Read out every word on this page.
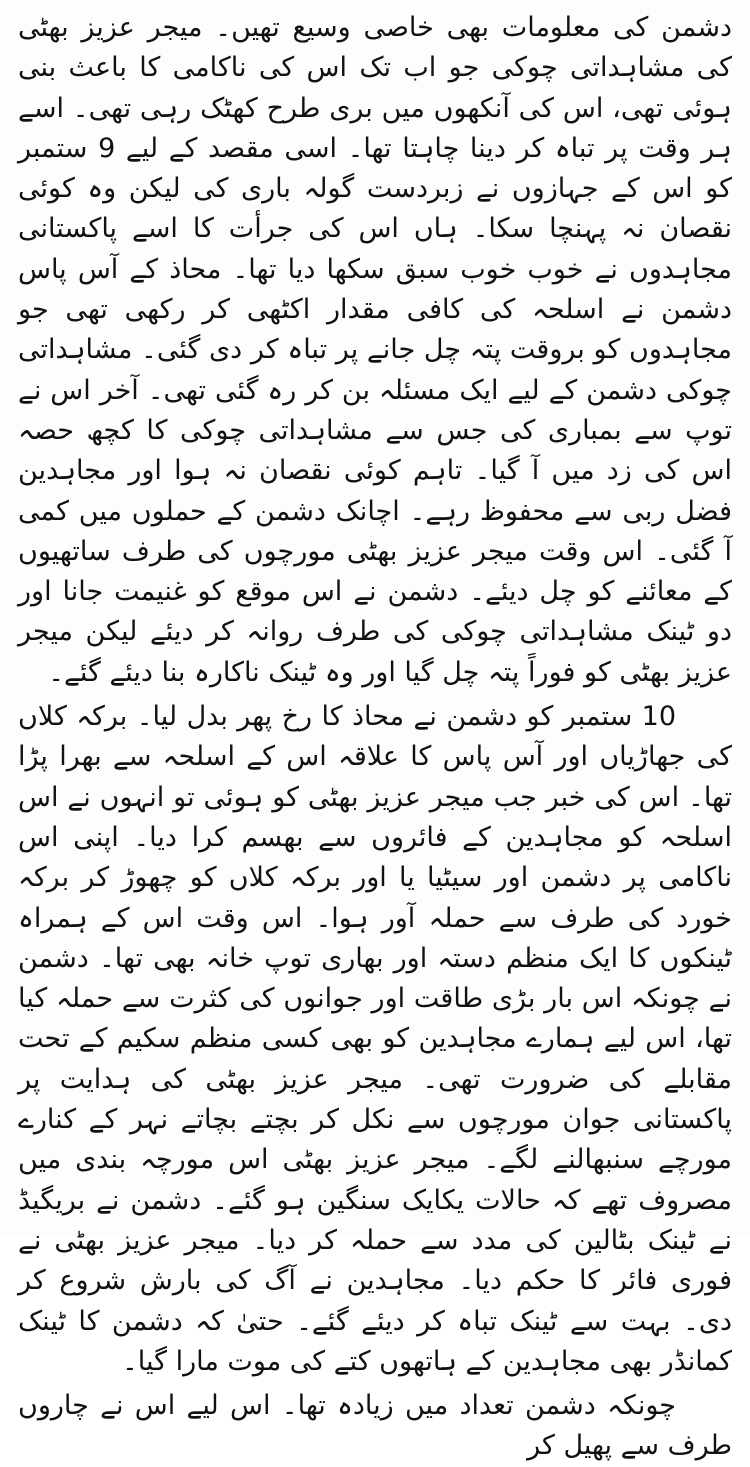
دشمن کی معلومات بھی خاصی وسیع تھیں۔ میجر عزیز بھٹی کی مشاہداتی چوکی جو اب تک اس کی ناکامی کا باعث بنی ہوئی تھی، اس کی آنکھوں میں بری طرح کھٹک رہی تھی۔ اسے ہر وقت پر تباہ کر دینا چاہتا تھا۔ اسی مقصد کے لیے 9 ستمبر کو اس کے جہازوں نے زبردست گولہ باری کی لیکن وہ کوئی نقصان نہ پہنچا سکا۔ ہاں اس کی جرأت کا اسے پاکستانی مجاہدوں نے خوب خوب سبق سکھا دیا تھا۔ محاذ کے آس پاس دشمن نے اسلحہ کی کافی مقدار اکٹھی کر رکھی تھی جو مجاہدوں کو بروقت پتہ چل جانے پر تباہ کر دی گئی۔ مشاہداتی چوکی دشمن کے لیے ایک مسئلہ بن کر رہ گئی تھی۔ آخر اس نے توپ سے بمباری کی جس سے مشاہداتی چوکی کا کچھ حصہ اس کی زد میں آ گیا۔ تاہم کوئی نقصان نہ ہوا اور مجاہدین فضل ربی سے محفوظ رہے۔ اچانک دشمن کے حملوں میں کمی آ گئی۔ اس وقت میجر عزیز بھٹی مورچوں کی طرف ساتھیوں کے معائنے کو چل دیئے۔ دشمن نے اس موقع کو غنیمت جانا اور دو ٹینک مشاہداتی چوکی کی طرف روانہ کر دیئے لیکن میجر عزیز بھٹی کو فوراً پتہ چل گیا اور وہ ٹینک ناکارہ بنا دیئے گئے۔

10 ستمبر کو دشمن نے محاذ کا رخ پھر بدل لیا۔ برکہ کلاں کی جھاڑیاں اور آس پاس کا علاقہ اس کے اسلحہ سے بھرا پڑا تھا۔ اس کی خبر جب میجر عزیز بھٹی کو ہوئی تو انہوں نے اس اسلحہ کو مجاہدین کے فائروں سے بھسم کرا دیا۔ اپنی اس ناکامی پر دشمن اور سیٹیا یا اور برکہ کلاں کو چھوڑ کر برکہ خورد کی طرف سے حملہ آور ہوا۔ اس وقت اس کے ہمراہ ٹینکوں کا ایک منظم دستہ اور بھاری توپ خانہ بھی تھا۔ دشمن نے چونکہ اس بار بڑی طاقت اور جوانوں کی کثرت سے حملہ کیا تھا، اس لیے ہمارے مجاہدین کو بھی کسی منظم سکیم کے تحت مقابلے کی ضرورت تھی۔ میجر عزیز بھٹی کی ہدایت پر پاکستانی جوان مورچوں سے نکل کر بچتے بچاتے نہر کے کنارے مورچے سنبھالنے لگے۔ میجر عزیز بھٹی اس مورچہ بندی میں مصروف تھے کہ حالات یکایک سنگین ہو گئے۔ دشمن نے بریگیڈ نے ٹینک بٹالین کی مدد سے حملہ کر دیا۔ میجر عزیز بھٹی نے فوری فائر کا حکم دیا۔ مجاہدین نے آگ کی بارش شروع کر دی۔ بہت سے ٹینک تباہ کر دیئے گئے۔ حتیٰ کہ دشمن کا ٹینک کمانڈر بھی مجاہدین کے ہاتھوں کتے کی موت مارا گیا۔

چونکہ دشمن تعداد میں زیادہ تھا۔ اس لیے اس نے چاروں طرف سے پھیل کر
